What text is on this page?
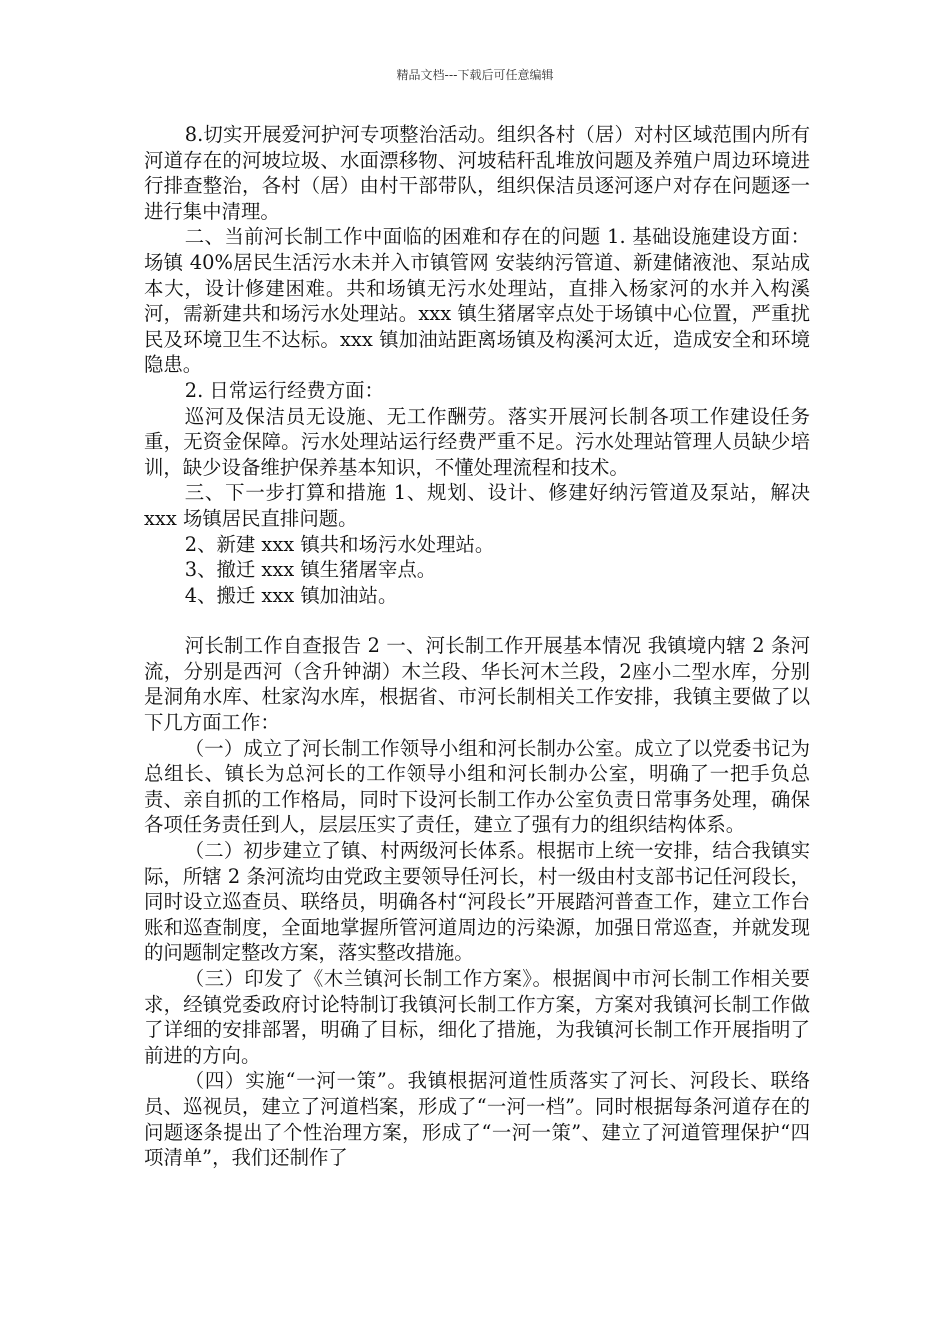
精品文档---下载后可任意编辑

8.切实开展爱河护河专项整治活动。组织各村（居）对村区域范围内所有河道存在的河坡垃圾、水面漂移物、河坡秸秆乱堆放问题及养殖户周边环境进行排查整治，各村（居）由村干部带队，组织保洁员逐河逐户对存在问题逐一进行集中清理。

二、当前河长制工作中面临的困难和存在的问题 1. 基础设施建设方面：场镇 40%居民生活污水未并入市镇管网 安装纳污管道、新建储液池、泵站成本大，设计修建困难。共和场镇无污水处理站，直排入杨家河的水并入构溪河，需新建共和场污水处理站。xxx 镇生猪屠宰点处于场镇中心位置，严重扰民及环境卫生不达标。xxx 镇加油站距离场镇及构溪河太近，造成安全和环境隐患。

2. 日常运行经费方面：

巡河及保洁员无设施、无工作酬劳。落实开展河长制各项工作建设任务重，无资金保障。污水处理站运行经费严重不足。污水处理站管理人员缺少培训，缺少设备维护保养基本知识，不懂处理流程和技术。

三、下一步打算和措施 1、规划、设计、修建好纳污管道及泵站，解决 xxx 场镇居民直排问题。

2、新建 xxx 镇共和场污水处理站。

3、撤迁 xxx 镇生猪屠宰点。

4、搬迁 xxx 镇加油站。

河长制工作自查报告 2 一、河长制工作开展基本情况 我镇境内辖 2 条河流，分别是西河（含升钟湖）木兰段、华长河木兰段，2座小二型水库，分别是洞角水库、杜家沟水库，根据省、市河长制相关工作安排，我镇主要做了以下几方面工作：

（一）成立了河长制工作领导小组和河长制办公室。成立了以党委书记为总组长、镇长为总河长的工作领导小组和河长制办公室，明确了一把手负总责、亲自抓的工作格局，同时下设河长制工作办公室负责日常事务处理，确保各项任务责任到人，层层压实了责任，建立了强有力的组织结构体系。

（二）初步建立了镇、村两级河长体系。根据市上统一安排，结合我镇实际，所辖 2 条河流均由党政主要领导任河长，村一级由村支部书记任河段长，同时设立巡查员、联络员，明确各村“河段长”开展踏河普查工作，建立工作台账和巡查制度，全面地掌握所管河道周边的污染源，加强日常巡查，并就发现的问题制定整改方案，落实整改措施。

（三）印发了《木兰镇河长制工作方案》。根据阆中市河长制工作相关要求，经镇党委政府讨论特制订我镇河长制工作方案，方案对我镇河长制工作做了详细的安排部署，明确了目标，细化了措施，为我镇河长制工作开展指明了前进的方向。

（四）实施“一河一策”。我镇根据河道性质落实了河长、河段长、联络员、巡视员，建立了河道档案，形成了“一河一档”。同时根据每条河道存在的问题逐条提出了个性治理方案，形成了“一河一策”、建立了河道管理保护“四项清单”，我们还制作了
